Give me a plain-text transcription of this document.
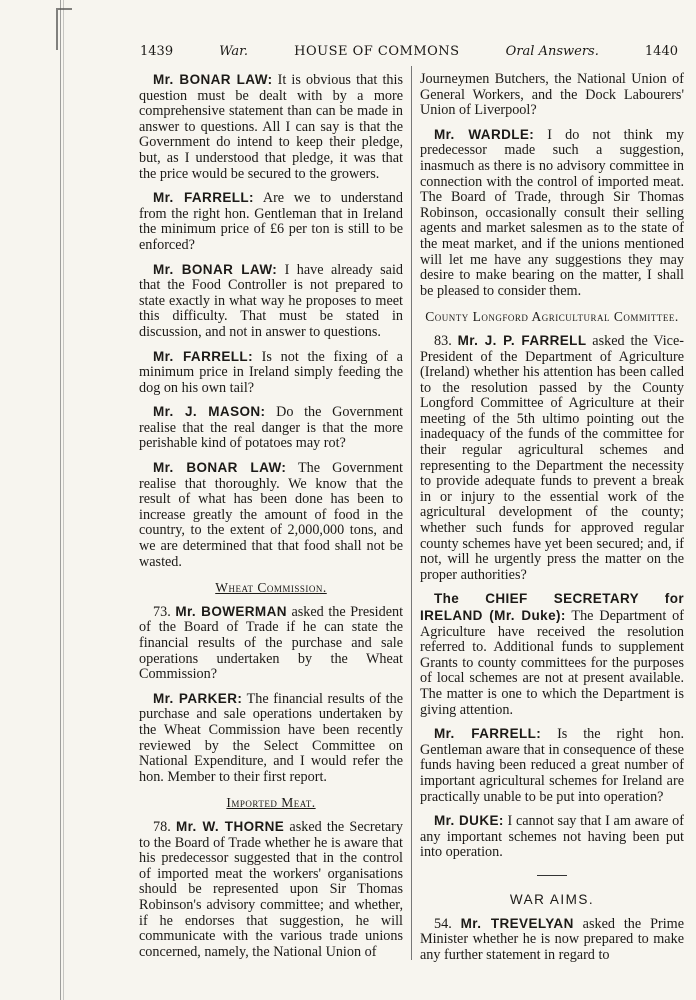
1439	War.	HOUSE OF COMMONS	Oral Answers.	1440

Mr. BONAR LAW: It is obvious that this question must be dealt with by a more comprehensive statement than can be made in answer to questions. All I can say is that the Government do intend to keep their pledge, but, as I understood that pledge, it was that the price would be secured to the growers.

Mr. FARRELL: Are we to understand from the right hon. Gentleman that in Ireland the minimum price of £6 per ton is still to be enforced?

Mr. BONAR LAW: I have already said that the Food Controller is not prepared to state exactly in what way he proposes to meet this difficulty. That must be stated in discussion, and not in answer to questions.

Mr. FARRELL: Is not the fixing of a minimum price in Ireland simply feeding the dog on his own tail?

Mr. J. MASON: Do the Government realise that the real danger is that the more perishable kind of potatoes may rot?

Mr. BONAR LAW: The Government realise that thoroughly. We know that the result of what has been done has been to increase greatly the amount of food in the country, to the extent of 2,000,000 tons, and we are determined that that food shall not be wasted.

Wheat Commission.

73. Mr. BOWERMAN asked the President of the Board of Trade if he can state the financial results of the purchase and sale operations undertaken by the Wheat Commission?

Mr. PARKER: The financial results of the purchase and sale operations undertaken by the Wheat Commission have been recently reviewed by the Select Committee on National Expenditure, and I would refer the hon. Member to their first report.

Imported Meat.

78. Mr. W. THORNE asked the Secretary to the Board of Trade whether he is aware that his predecessor suggested that in the control of imported meat the workers' organisations should be represented upon Sir Thomas Robinson's advisory committee; and whether, if he endorses that suggestion, he will communicate with the various trade unions concerned, namely, the National Union of

Journeymen Butchers, the National Union of General Workers, and the Dock Labourers' Union of Liverpool?

Mr. WARDLE: I do not think my predecessor made such a suggestion, inasmuch as there is no advisory committee in connection with the control of imported meat. The Board of Trade, through Sir Thomas Robinson, occasionally consult their selling agents and market salesmen as to the state of the meat market, and if the unions mentioned will let me have any suggestions they may desire to make bearing on the matter, I shall be pleased to consider them.

County Longford Agricultural Committee.

83. Mr. J. P. FARRELL asked the Vice-President of the Department of Agriculture (Ireland) whether his attention has been called to the resolution passed by the County Longford Committee of Agriculture at their meeting of the 5th ultimo pointing out the inadequacy of the funds of the committee for their regular agricultural schemes and representing to the Department the necessity to provide adequate funds to prevent a break in or injury to the essential work of the agricultural development of the county; whether such funds for approved regular county schemes have yet been secured; and, if not, will he urgently press the matter on the proper authorities?

The CHIEF SECRETARY for IRELAND (Mr. Duke): The Department of Agriculture have received the resolution referred to. Additional funds to supplement Grants to county committees for the purposes of local schemes are not at present available. The matter is one to which the Department is giving attention.

Mr. FARRELL: Is the right hon. Gentleman aware that in consequence of these funds having been reduced a great number of important agricultural schemes for Ireland are practically unable to be put into operation?

Mr. DUKE: I cannot say that I am aware of any important schemes not having been put into operation.

WAR AIMS.

54. Mr. TREVELYAN asked the Prime Minister whether he is now prepared to make any further statement in regard to
